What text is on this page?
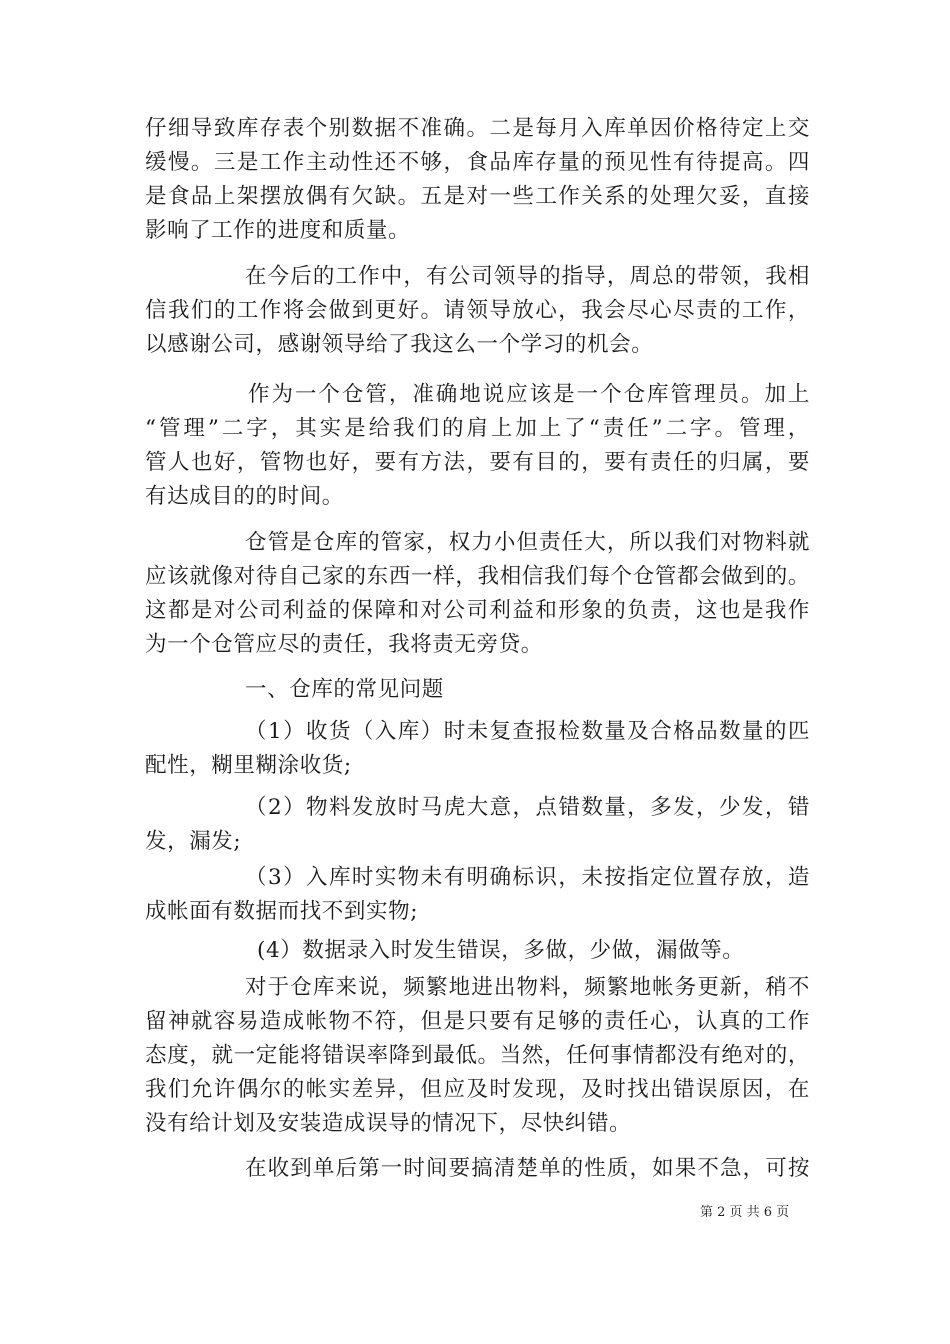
仔细导致库存表个别数据不准确。二是每月入库单因价格待定上交
缓慢。三是工作主动性还不够，食品库存量的预见性有待提高。四
是食品上架摆放偶有欠缺。五是对一些工作关系的处理欠妥，直接
影响了工作的进度和质量。
在今后的工作中，有公司领导的指导，周总的带领，我相
信我们的工作将会做到更好。请领导放心，我会尽心尽责的工作，
以感谢公司，感谢领导给了我这么一个学习的机会。
作为一个仓管，准确地说应该是一个仓库管理员。加上
“管理”二字，其实是给我们的肩上加上了“责任”二字。管理，
管人也好，管物也好，要有方法，要有目的，要有责任的归属，要
有达成目的的时间。
仓管是仓库的管家，权力小但责任大，所以我们对物料就
应该就像对待自己家的东西一样，我相信我们每个仓管都会做到的。
这都是对公司利益的保障和对公司利益和形象的负责，这也是我作
为一个仓管应尽的责任，我将责无旁贷。
一、仓库的常见问题
（1）收货（入库）时未复查报检数量及合格品数量的匹
配性，糊里糊涂收货;
（2）物料发放时马虎大意，点错数量，多发，少发，错
发，漏发;
（3）入库时实物未有明确标识，未按指定位置存放，造
成帐面有数据而找不到实物;
(4）数据录入时发生错误，多做，少做，漏做等。
对于仓库来说，频繁地进出物料，频繁地帐务更新，稍不
留神就容易造成帐物不符，但是只要有足够的责任心，认真的工作
态度，就一定能将错误率降到最低。当然，任何事情都没有绝对的，
我们允许偶尔的帐实差异，但应及时发现，及时找出错误原因，在
没有给计划及安装造成误导的情况下，尽快纠错。
在收到单后第一时间要搞清楚单的性质，如果不急，可按
第 2 页 共 6 页
